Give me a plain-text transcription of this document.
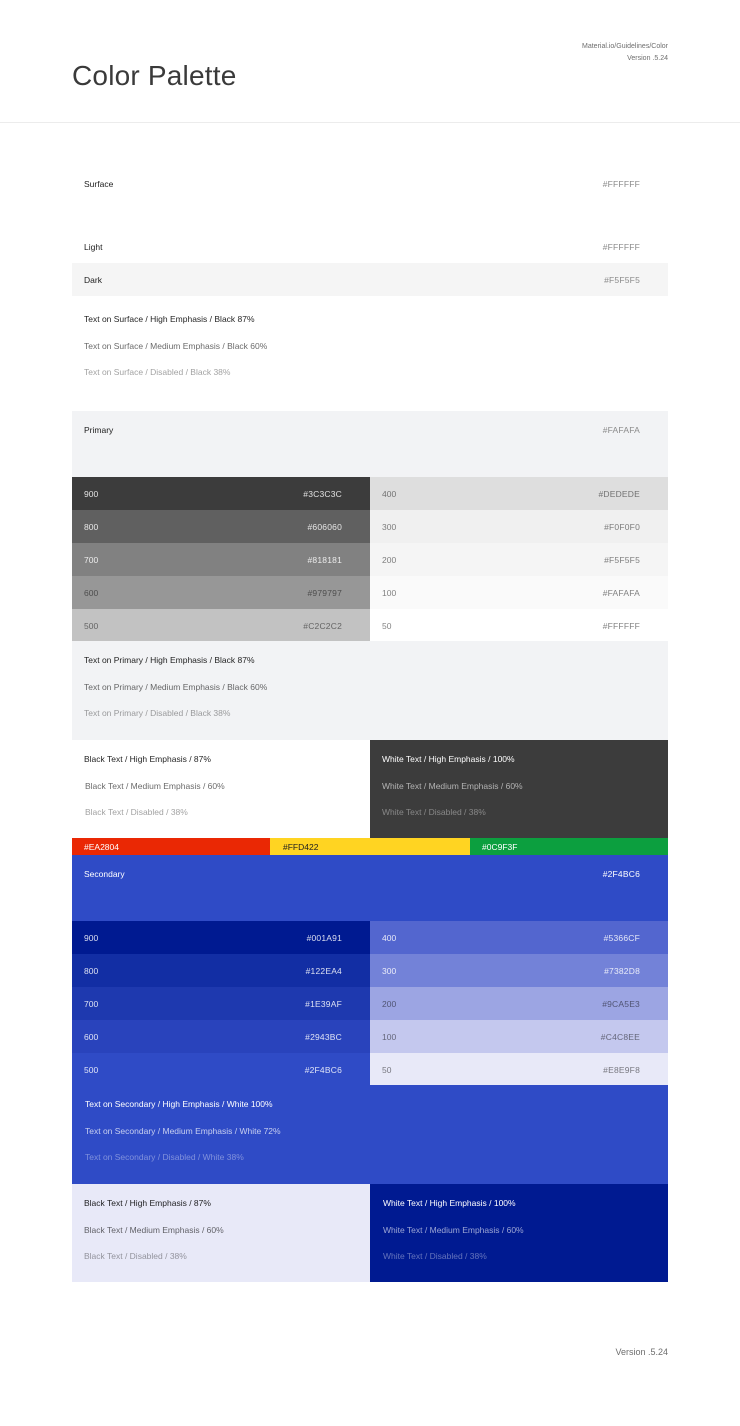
Color Palette
Material.io/Guidelines/Color
Version .5.24
Surface	#FFFFFF
Light	#FFFFFF
Dark	#F5F5F5
Text on Surface / High Emphasis / Black 87%
Text on Surface / Medium Emphasis / Black 60%
Text on Surface / Disabled / Black 38%
Primary	#FAFAFA
900	#3C3C3C
800	#606060
700	#818181
600	#979797
500	#C2C2C2
400	#DEDEDE
300	#F0F0F0
200	#F5F5F5
100	#FAFAFA
50	#FFFFFF
Text on Primary / High Emphasis / Black 87%
Text on Primary / Medium Emphasis / Black 60%
Text on Primary / Disabled / Black 38%
Black Text / High Emphasis / 87%
Black Text / Medium Emphasis / 60%
Black Text / Disabled / 38%
White Text / High Emphasis / 100%
White Text / Medium Emphasis / 60%
White Text / Disabled / 38%
#EA2804	#FFD422	#0C9F3F
Secondary	#2F4BC6
900	#001A91
800	#122EA4
700	#1E39AF
600	#2943BC
500	#2F4BC6
400	#5366CF
300	#7382D8
200	#9CA5E3
100	#C4C8EE
50	#E8E9F8
Text on Secondary / High Emphasis / White 100%
Text on Secondary / Medium Emphasis / White 72%
Text on Secondary / Disabled / White 38%
Black Text / High Emphasis / 87%
Black Text / Medium Emphasis / 60%
Black Text / Disabled / 38%
White Text / High Emphasis / 100%
White Text / Medium Emphasis / 60%
White Text / Disabled / 38%
Version .5.24
